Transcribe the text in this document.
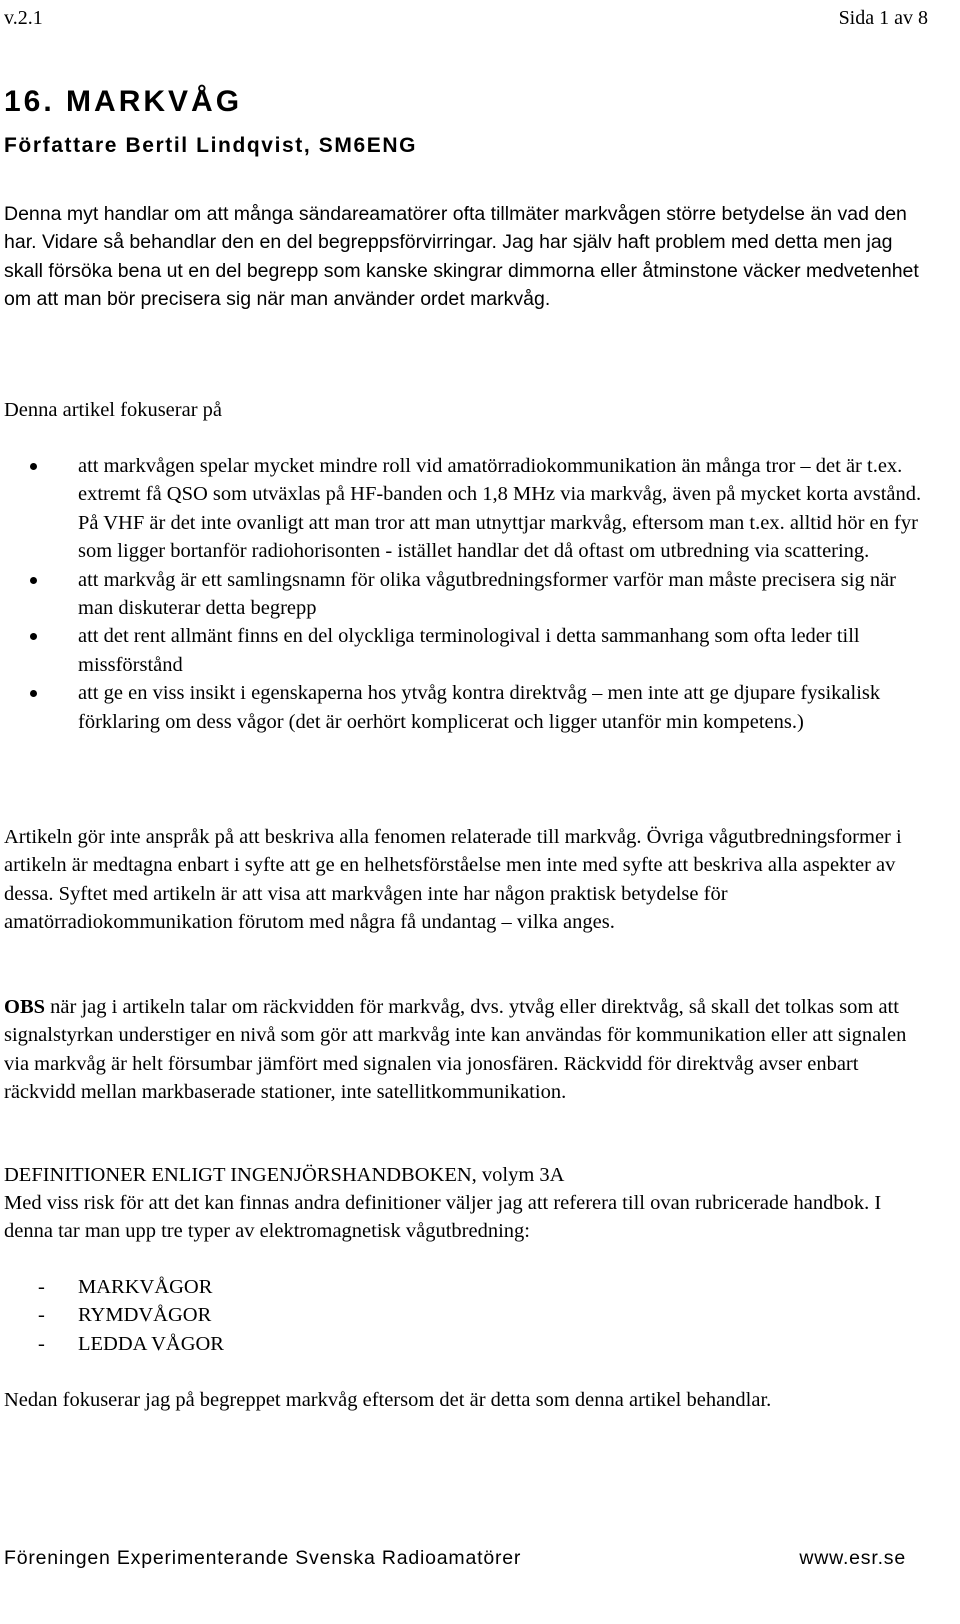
v.2.1	Sida 1 av 8
16. MARKVÅG
Författare Bertil Lindqvist, SM6ENG

Denna myt handlar om att många sändareamatörer ofta tillmäter markvågen större betydelse än vad den har. Vidare så behandlar den en del begreppsförvirringar. Jag har själv haft problem med detta men jag skall försöka bena ut en del begrepp som kanske skingrar dimmorna eller åtminstone väcker medvetenhet om att man bör precisera sig när man använder ordet markvåg.

Denna artikel fokuserar på

att markvågen spelar mycket mindre roll vid amatörradiokommunikation än många tror – det är t.ex. extremt få QSO som utväxlas på HF-banden och 1,8 MHz via markvåg, även på mycket korta avstånd. På VHF är det inte ovanligt att man tror att man utnyttjar markvåg, eftersom man t.ex. alltid hör en fyr som ligger bortanför radiohorisonten - istället handlar det då oftast om utbredning via scattering.
att markvåg är ett samlingsnamn för olika vågutbredningsformer varför man måste precisera sig när man diskuterar detta begrepp
att det rent allmänt finns en del olyckliga terminologival i detta sammanhang som ofta leder till missförstånd
att ge en viss insikt i egenskaperna hos ytvåg kontra direktvåg – men inte att ge djupare fysikalisk förklaring om dess vågor (det är oerhört komplicerat och ligger utanför min kompetens.)

Artikeln gör inte anspråk på att beskriva alla fenomen relaterade till markvåg. Övriga vågutbredningsformer i artikeln är medtagna enbart i syfte att ge en helhetsförståelse men inte med syfte att beskriva alla aspekter av dessa. Syftet med artikeln är att visa att markvågen inte har någon praktisk betydelse för amatörradiokommunikation förutom med några få undantag – vilka anges.

OBS när jag i artikeln talar om räckvidden för markvåg, dvs. ytvåg eller direktvåg, så skall det tolkas som att signalstyrkan understiger en nivå som gör att markvåg inte kan användas för kommunikation eller att signalen via markvåg är helt försumbar jämfört med signalen via jonosfären. Räckvidd för direktvåg avser enbart räckvidd mellan markbaserade stationer, inte satellitkommunikation.

DEFINITIONER ENLIGT INGENJÖRSHANDBOKEN, volym 3A

Med viss risk för att det kan finnas andra definitioner väljer jag att referera till ovan rubricerade handbok. I denna tar man upp tre typer av elektromagnetisk vågutbredning:

- MARKVÅGOR
- RYMDVÅGOR
- LEDDA VÅGOR

Nedan fokuserar jag på begreppet markvåg eftersom det är detta som denna artikel behandlar.

Föreningen Experimenterande Svenska Radioamatörer	www.esr.se
